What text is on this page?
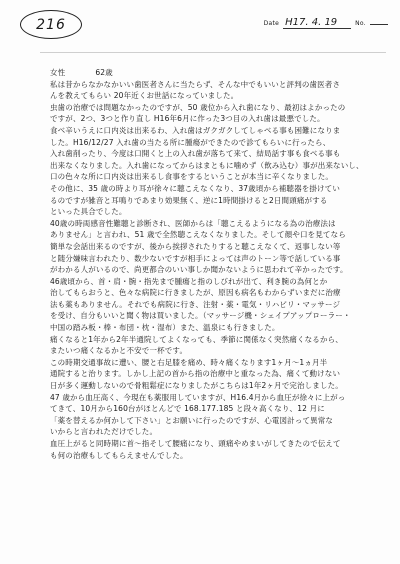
216	Date H17. 4. 19	No.
女性	62歳

私は昔からなかなかいい歯医者さんに当たらず、そんな中でもいいと評判の歯医者さ
んを教えてもらい 20年近くお世話になっていました。

虫歯の治療では問題なかったのですが、50 歳位から入れ歯になり、最初はよかったの
ですが、2つ、3つと作り直し H16年6月に作った3つ目の入れ歯は最悪でした。

食べ辛いうえに口内炎は出来るわ、入れ歯はガクガクしてしゃべる事も困難になりま
した。H16/12/27 入れ歯の当たる所に腫瘍ができたので診てもらいに行ったら、

入れ歯削ったり、今度は口開くと上の入れ歯が落ちて来て、結局話す事も食べる事も
出来なくなりました。入れ歯になってからはまともに噛めず（飲み込む）事が出来ないし、
口の色々な所に口内炎は出来るし食事をするということが本当に辛くなりました。

その他に、35 歳の時より耳が徐々に聴こえなくなり、37歳頃から補聴器を掛けてい
るのですが雑音と耳鳴りであまり効果無く、逆に1時間掛けると2日間頭痛がする
といった具合でした。

40歳の時両感音性難聴と診断され、医師からは「聴こえるようになる為の治療法は
ありません」と言われ、51 歳で全然聴こえなくなりました。そして顔や口を見てなら
簡単な会話出来るのですが、後から挨拶されたりすると聴こえなくて、返事しない等
と随分嫌味言われたり、数少ないですが相手によっては声のトーン等で話している事
がわかる人がいるので、尚更都合のいい事しか聞かないように思われて辛かったです。

46歳頃から、首・肩・腕・指先まで腫瘍と指のしびれが出て、利き腕の為何とか
治してもらおうと、色々な病院に行きましたが、原因も病名もわからずいまだに治療
法も薬もありません。それでも病院に行き、注射・薬・電気・リハビリ・マッサージ
を受け、自分もいいと聞く物は買いました。（マッサージ機・シェイプアップローラー・
中国の踏み板・棒・布団・枕・湿布）また、温泉にも行きました。

痛くなると1年から2年半通院してよくなっても、季節に関係なく突然痛くなるから、
またいつ痛くなるかと不安で一杯です。

この時期交通事故に遭い、腰と右足膝を痛め、時々痛くなります1ヶ月～1ヵ月半
通院すると治ります。しかし上記の首から指の治療中と重なった為、痛くて動けない
日が多く運動しないので骨粗鬆症になりましたがこちらは1年2ヶ月で完治しました。

47 歳から血圧高く、今現在も薬服用していますが、H16.4月から血圧が徐々に上がっ
てきて、10月から160台がほとんどで 168.177.185 と段々高くなり、12 月に
「薬を替えるか何かして下さい」とお願いに行ったのですが、心電図計って異常な
いからと言われただけでした。

血圧上がると同時期に首～指そして腰痛になり、頭痛やめまいがしてきたので伝えて
も何の治療もしてもらえませんでした。
